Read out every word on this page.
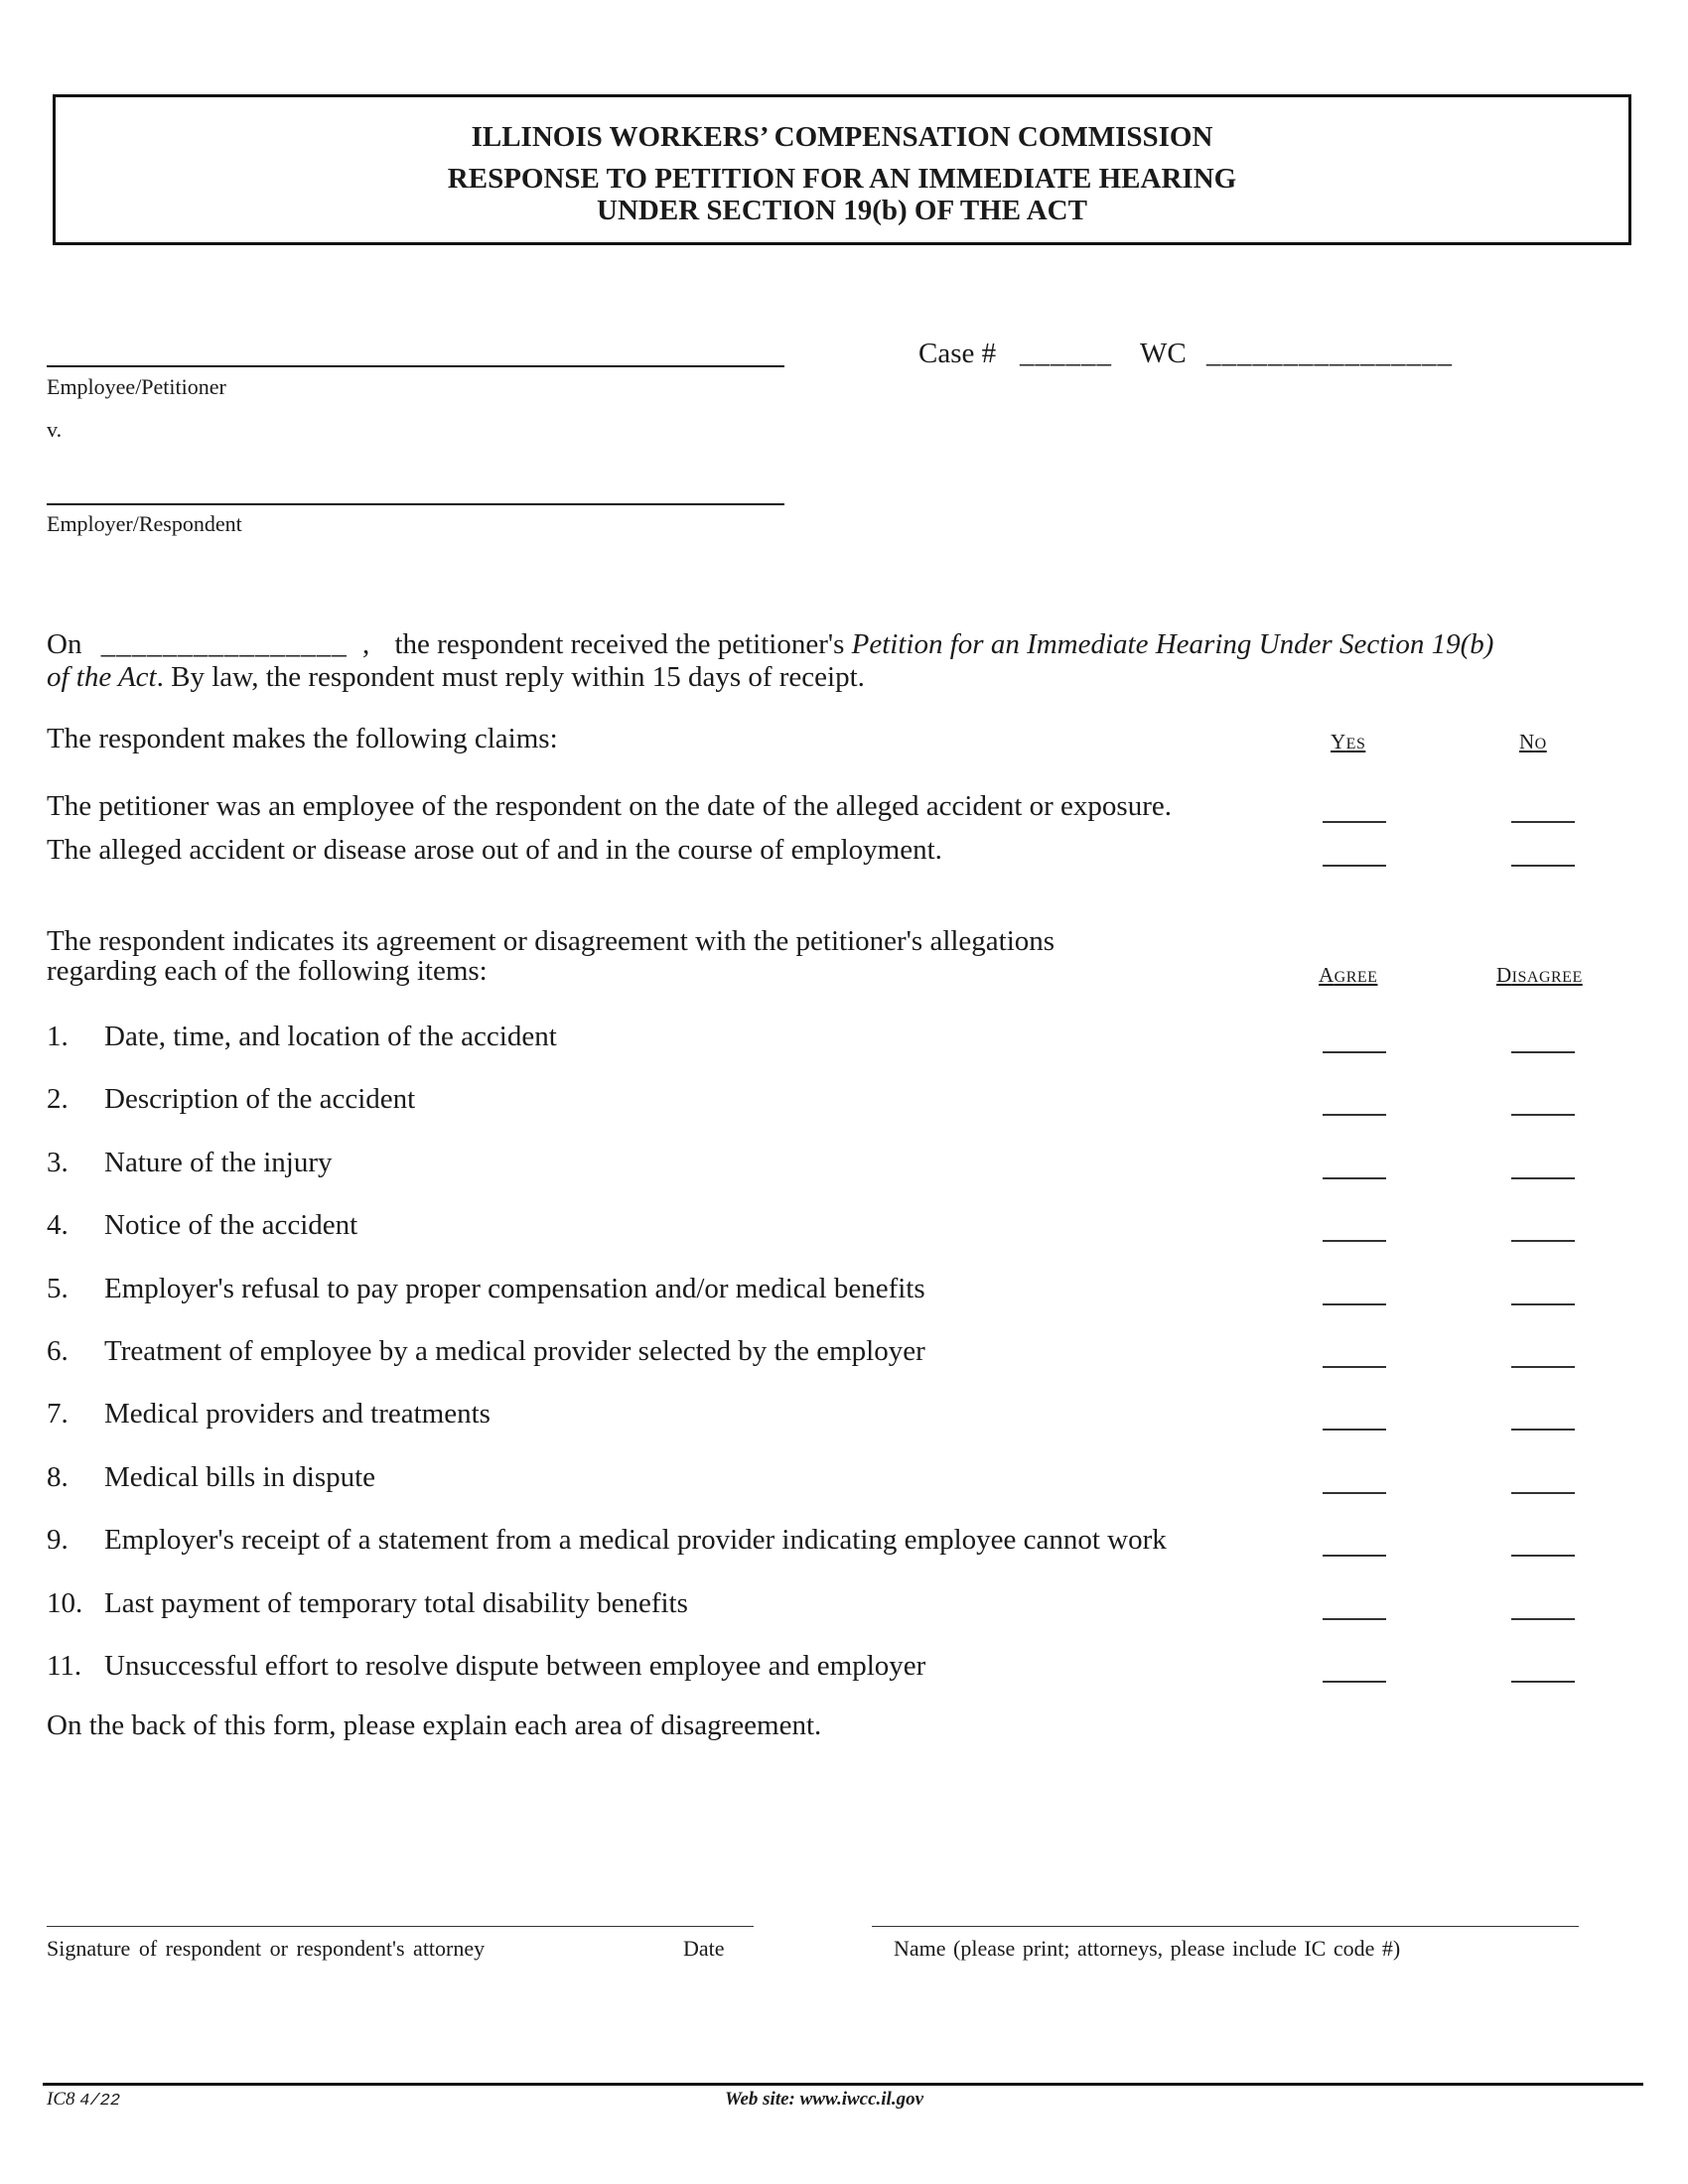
ILLINOIS WORKERS’ COMPENSATION COMMISSION
RESPONSE TO PETITION FOR AN IMMEDIATE HEARING
UNDER SECTION 19(b) OF THE ACT
Employee/Petitioner
v.
Employer/Respondent
Case # ______ WC ________________
On ________________ , the respondent received the petitioner's Petition for an Immediate Hearing Under Section 19(b)
of the Act. By law, the respondent must reply within 15 days of receipt.
The respondent makes the following claims:	YES	NO
The petitioner was an employee of the respondent on the date of the alleged accident or exposure.
The alleged accident or disease arose out of and in the course of employment.
The respondent indicates its agreement or disagreement with the petitioner's allegations
regarding each of the following items:	AGREE	DISAGREE
1. Date, time, and location of the accident
2. Description of the accident
3. Nature of the injury
4. Notice of the accident
5. Employer's refusal to pay proper compensation and/or medical benefits
6. Treatment of employee by a medical provider selected by the employer
7. Medical providers and treatments
8. Medical bills in dispute
9. Employer's receipt of a statement from a medical provider indicating employee cannot work
10. Last payment of temporary total disability benefits
11. Unsuccessful effort to resolve dispute between employee and employer
On the back of this form, please explain each area of disagreement.
Signature of respondent or respondent's attorney	Date	Name (please print; attorneys, please include IC code #)
IC8 4/22	Web site: www.iwcc.il.gov
